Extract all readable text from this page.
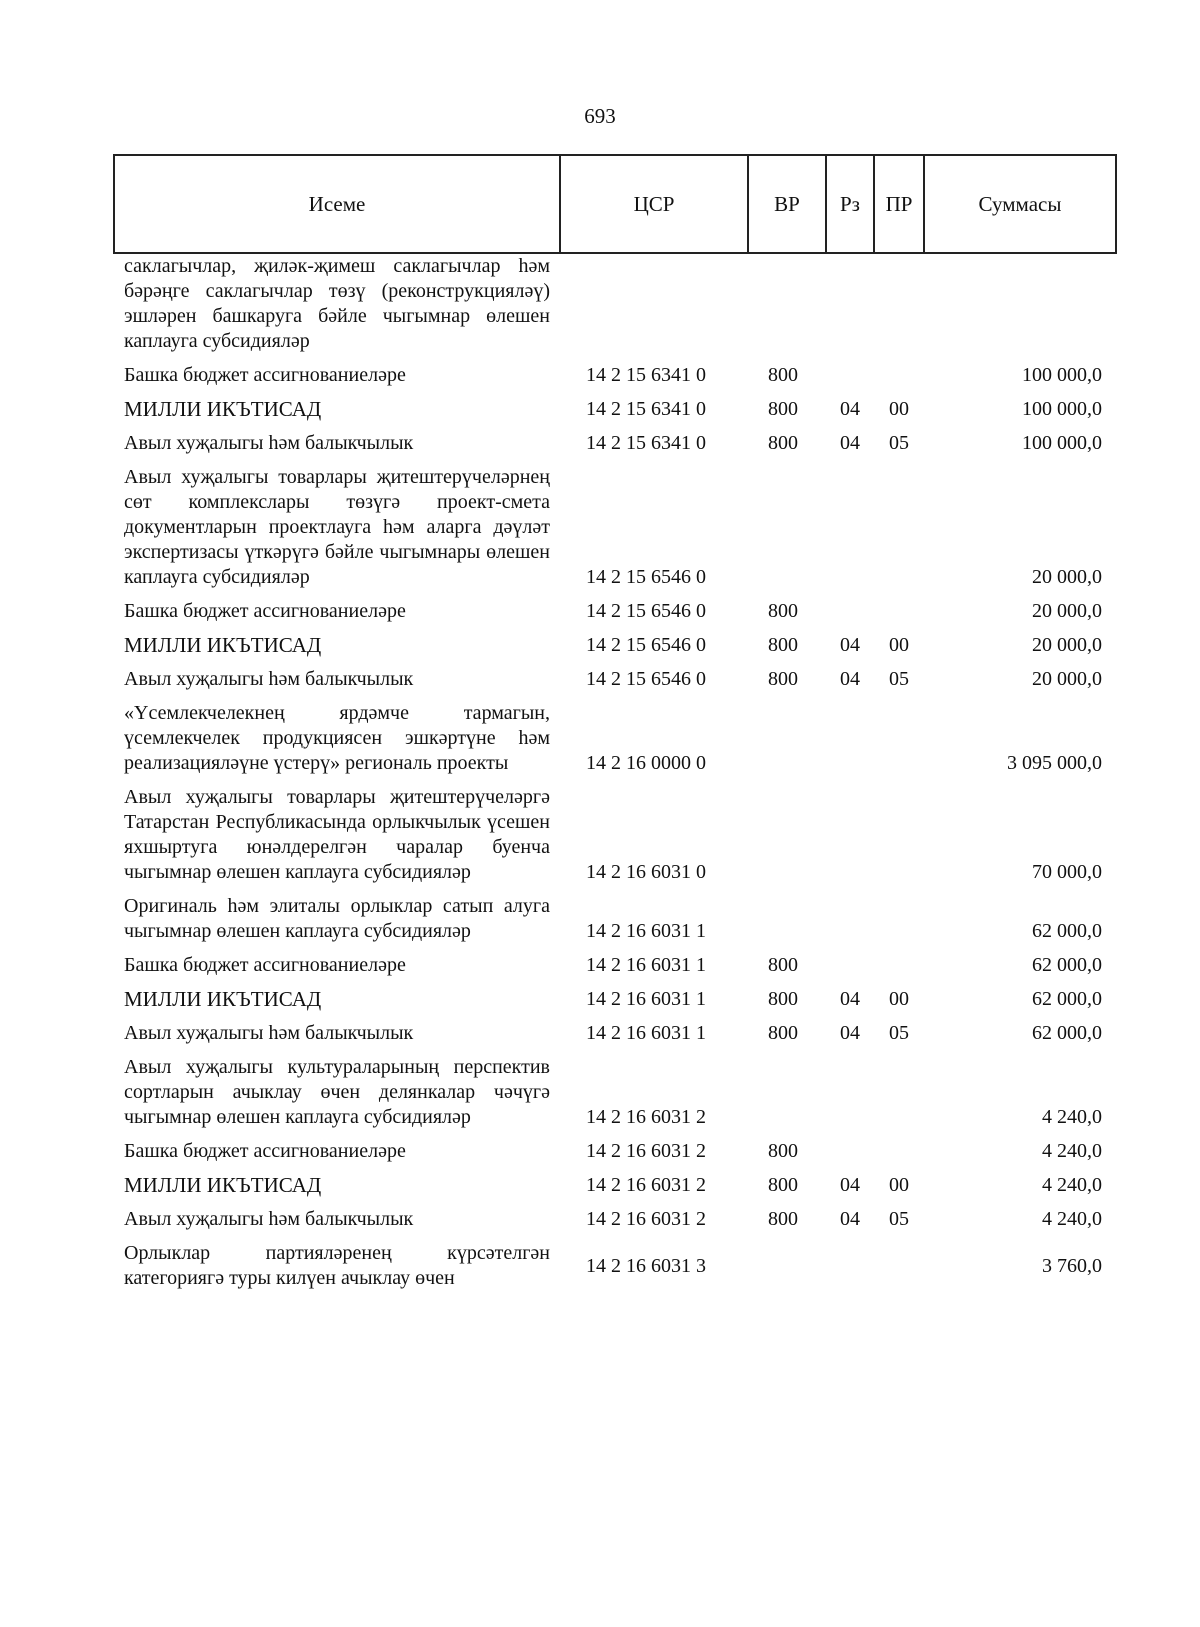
693
Исеме	ЦСР	ВР	Рз	ПР	Суммасы
саклагычлар, җиләк-җимеш саклагычлар һәм бәрәңге саклагычлар төзү (реконструкцияләү) эшләрен башкаруга бәйле чыгымнар өлешен каплауга субсидияләр					
Башка бюджет ассигнованиеләре	14 2 15 6341 0	800			100 000,0
МИЛЛИ ИКЪТИСАД	14 2 15 6341 0	800	04	00	100 000,0
Авыл хуҗалыгы һәм балыкчылык	14 2 15 6341 0	800	04	05	100 000,0
Авыл хуҗалыгы товарлары җитештерүчеләрнең сөт комплекслары төзүгә проект-смета документларын проектлауга һәм аларга дәүләт экспертизасы үткәрүгә бәйле чыгымнары өлешен каплауга субсидияләр	14 2 15 6546 0				20 000,0
Башка бюджет ассигнованиеләре	14 2 15 6546 0	800			20 000,0
МИЛЛИ ИКЪТИСАД	14 2 15 6546 0	800	04	00	20 000,0
Авыл хуҗалыгы һәм балыкчылык	14 2 15 6546 0	800	04	05	20 000,0
«Үсемлекчелекнең ярдәмче тармагын, үсемлекчелек продукциясен эшкәртүне һәм реализацияләүне үстерү» региональ проекты	14 2 16 0000 0				3 095 000,0
Авыл хуҗалыгы товарлары җитештерүчеләргә Татарстан Республикасында орлыкчылык үсешен яхшыртуга юнәлдерелгән чаралар буенча чыгымнар өлешен каплауга субсидияләр	14 2 16 6031 0				70 000,0
Оригиналь һәм элиталы орлыклар сатып алуга чыгымнар өлешен каплауга субсидияләр	14 2 16 6031 1				62 000,0
Башка бюджет ассигнованиеләре	14 2 16 6031 1	800			62 000,0
МИЛЛИ ИКЪТИСАД	14 2 16 6031 1	800	04	00	62 000,0
Авыл хуҗалыгы һәм балыкчылык	14 2 16 6031 1	800	04	05	62 000,0
Авыл хуҗалыгы культураларының перспектив сортларын ачыклау өчен делянкалар чәчүгә чыгымнар өлешен каплауга субсидияләр	14 2 16 6031 2				4 240,0
Башка бюджет ассигнованиеләре	14 2 16 6031 2	800			4 240,0
МИЛЛИ ИКЪТИСАД	14 2 16 6031 2	800	04	00	4 240,0
Авыл хуҗалыгы һәм балыкчылык	14 2 16 6031 2	800	04	05	4 240,0
Орлыклар партияләренең күрсәтелгән категориягә туры килүен ачыклау өчен	14 2 16 6031 3				3 760,0
